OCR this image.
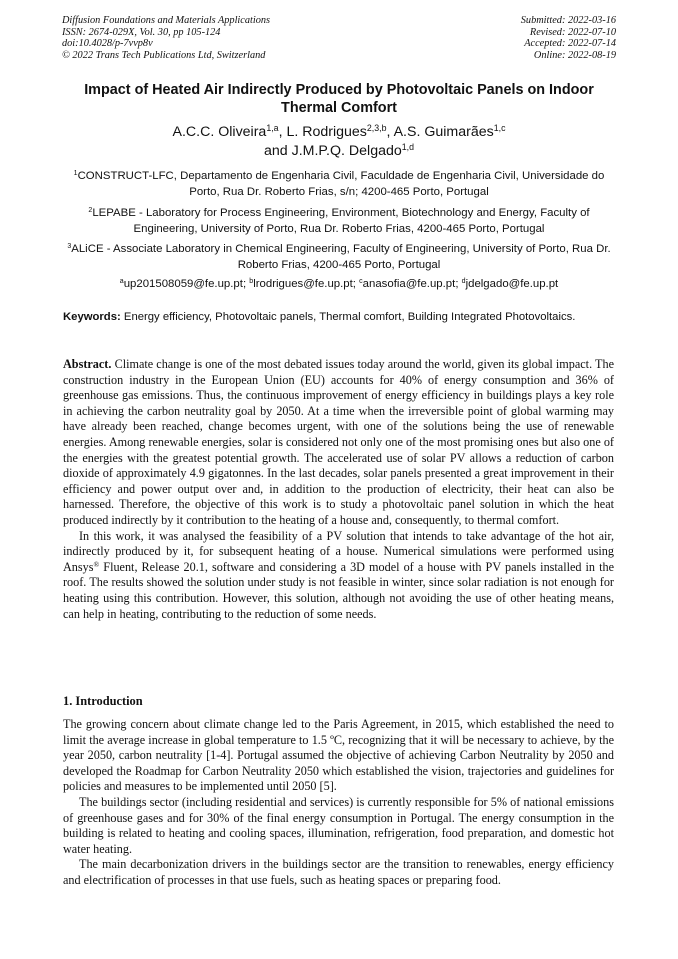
Diffusion Foundations and Materials Applications
ISSN: 2674-029X, Vol. 30, pp 105-124
doi:10.4028/p-7vvp8v
© 2022 Trans Tech Publications Ltd, Switzerland
Submitted: 2022-03-16
Revised: 2022-07-10
Accepted: 2022-07-14
Online: 2022-08-19
Impact of Heated Air Indirectly Produced by Photovoltaic Panels on Indoor Thermal Comfort
A.C.C. Oliveira$^{1,a}$, L. Rodrigues$^{2,3,b}$, A.S. Guimarães$^{1,c}$
and J.M.P.Q. Delgado$^{1,d}$
$^1$CONSTRUCT-LFC, Departamento de Engenharia Civil, Faculdade de Engenharia Civil, Universidade do Porto, Rua Dr. Roberto Frias, s/n; 4200-465 Porto, Portugal
$^2$LEPABE - Laboratory for Process Engineering, Environment, Biotechnology and Energy, Faculty of Engineering, University of Porto, Rua Dr. Roberto Frias, 4200-465 Porto, Portugal
$^3$ALiCE - Associate Laboratory in Chemical Engineering, Faculty of Engineering, University of Porto, Rua Dr. Roberto Frias, 4200-465 Porto, Portugal
$^a$up201508059@fe.up.pt; $^b$lrodrigues@fe.up.pt; $^c$anasofia@fe.up.pt; $^d$jdelgado@fe.up.pt
Keywords: Energy efficiency, Photovoltaic panels, Thermal comfort, Building Integrated Photovoltaics.

Abstract. Climate change is one of the most debated issues today around the world, given its global impact. The construction industry in the European Union (EU) accounts for 40% of energy consumption and 36% of greenhouse gas emissions. Thus, the continuous improvement of energy efficiency in buildings plays a key role in achieving the carbon neutrality goal by 2050. At a time when the irreversible point of global warming may have already been reached, change becomes urgent, with one of the solutions being the use of renewable energies. Among renewable energies, solar is considered not only one of the most promising ones but also one of the energies with the greatest potential growth. The accelerated use of solar PV allows a reduction of carbon dioxide of approximately 4.9 gigatonnes. In the last decades, solar panels presented a great improvement in their efficiency and power output over and, in addition to the production of electricity, their heat can also be harnessed. Therefore, the objective of this work is to study a photovoltaic panel solution in which the heat produced indirectly by it contribution to the heating of a house and, consequently, to thermal comfort.

In this work, it was analysed the feasibility of a PV solution that intends to take advantage of the hot air, indirectly produced by it, for subsequent heating of a house. Numerical simulations were performed using Ansys® Fluent, Release 20.1, software and considering a 3D model of a house with PV panels installed in the roof. The results showed the solution under study is not feasible in winter, since solar radiation is not enough for heating using this contribution. However, this solution, although not avoiding the use of other heating means, can help in heating, contributing to the reduction of some needs.

1. Introduction

The growing concern about climate change led to the Paris Agreement, in 2015, which established the need to limit the average increase in global temperature to 1.5 ºC, recognizing that it will be necessary to achieve, by the year 2050, carbon neutrality [1-4]. Portugal assumed the objective of achieving Carbon Neutrality by 2050 and developed the Roadmap for Carbon Neutrality 2050 which established the vision, trajectories and guidelines for policies and measures to be implemented until 2050 [5].

The buildings sector (including residential and services) is currently responsible for 5% of national emissions of greenhouse gases and for 30% of the final energy consumption in Portugal. The energy consumption in the building is related to heating and cooling spaces, illumination, refrigeration, food preparation, and domestic hot water heating.

The main decarbonization drivers in the buildings sector are the transition to renewables, energy efficiency and electrification of processes in that use fuels, such as heating spaces or preparing food.
